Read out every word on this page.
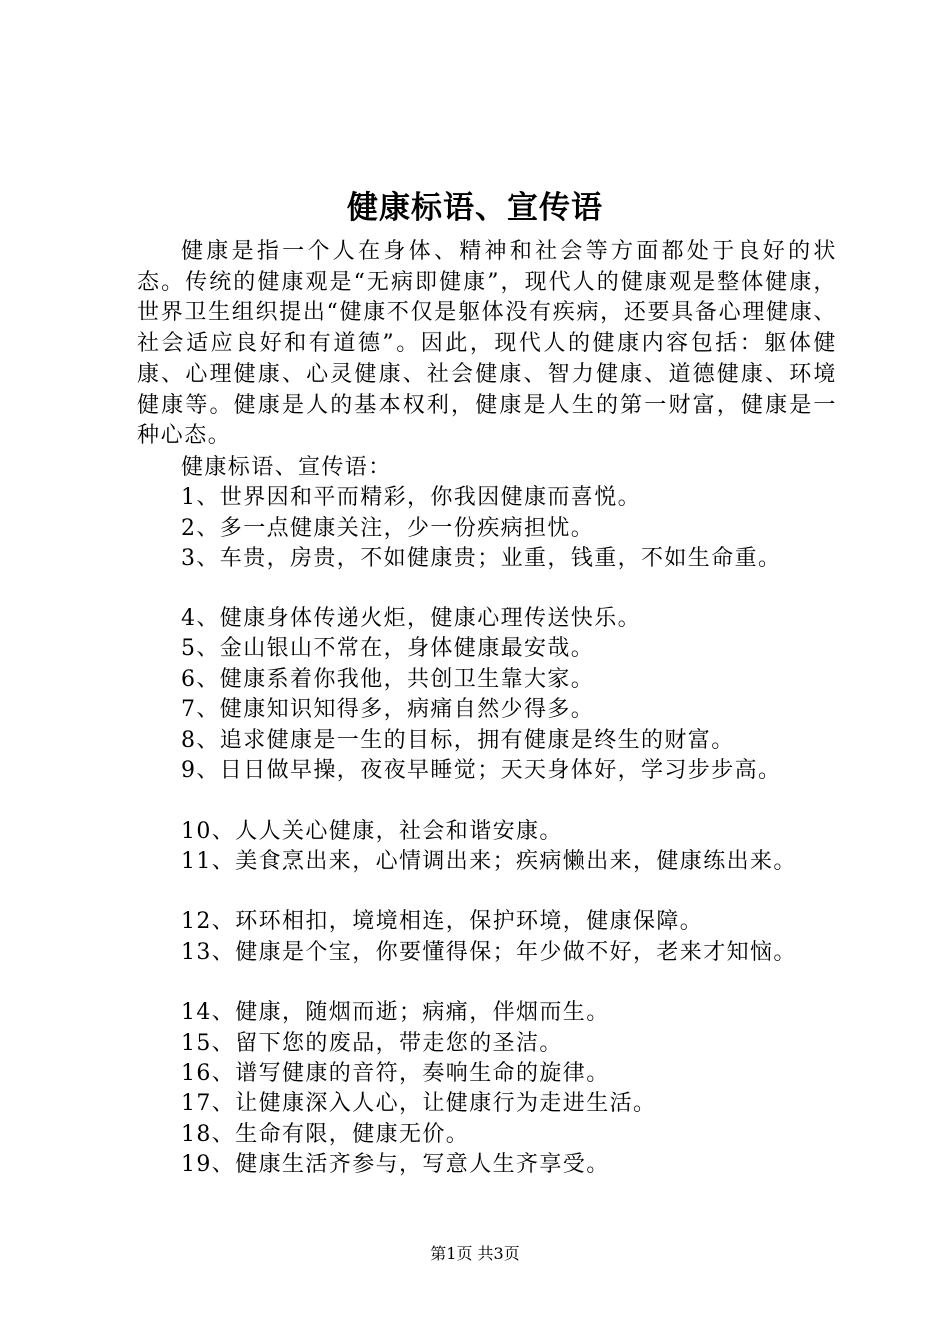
健康标语、宣传语
健康是指一个人在身体、精神和社会等方面都处于良好的状态。传统的健康观是“无病即健康”，现代人的健康观是整体健康，世界卫生组织提出“健康不仅是躯体没有疾病，还要具备心理健康、社会适应良好和有道德”。因此，现代人的健康内容包括：躯体健康、心理健康、心灵健康、社会健康、智力健康、道德健康、环境健康等。健康是人的基本权利，健康是人生的第一财富，健康是一种心态。
健康标语、宣传语：
1、世界因和平而精彩，你我因健康而喜悦。
2、多一点健康关注，少一份疾病担忧。
3、车贵，房贵，不如健康贵；业重，钱重，不如生命重。
4、健康身体传递火炬，健康心理传送快乐。
5、金山银山不常在，身体健康最安哉。
6、健康系着你我他，共创卫生靠大家。
7、健康知识知得多，病痛自然少得多。
8、追求健康是一生的目标，拥有健康是终生的财富。
9、日日做早操，夜夜早睡觉；天天身体好，学习步步高。
10、人人关心健康，社会和谐安康。
11、美食烹出来，心情调出来；疾病懒出来，健康练出来。
12、环环相扣，境境相连，保护环境，健康保障。
13、健康是个宝，你要懂得保；年少做不好，老来才知恼。
14、健康，随烟而逝；病痛，伴烟而生。
15、留下您的废品，带走您的圣洁。
16、谱写健康的音符，奏响生命的旋律。
17、让健康深入人心，让健康行为走进生活。
18、生命有限，健康无价。
19、健康生活齐参与，写意人生齐享受。
第1页 共3页
